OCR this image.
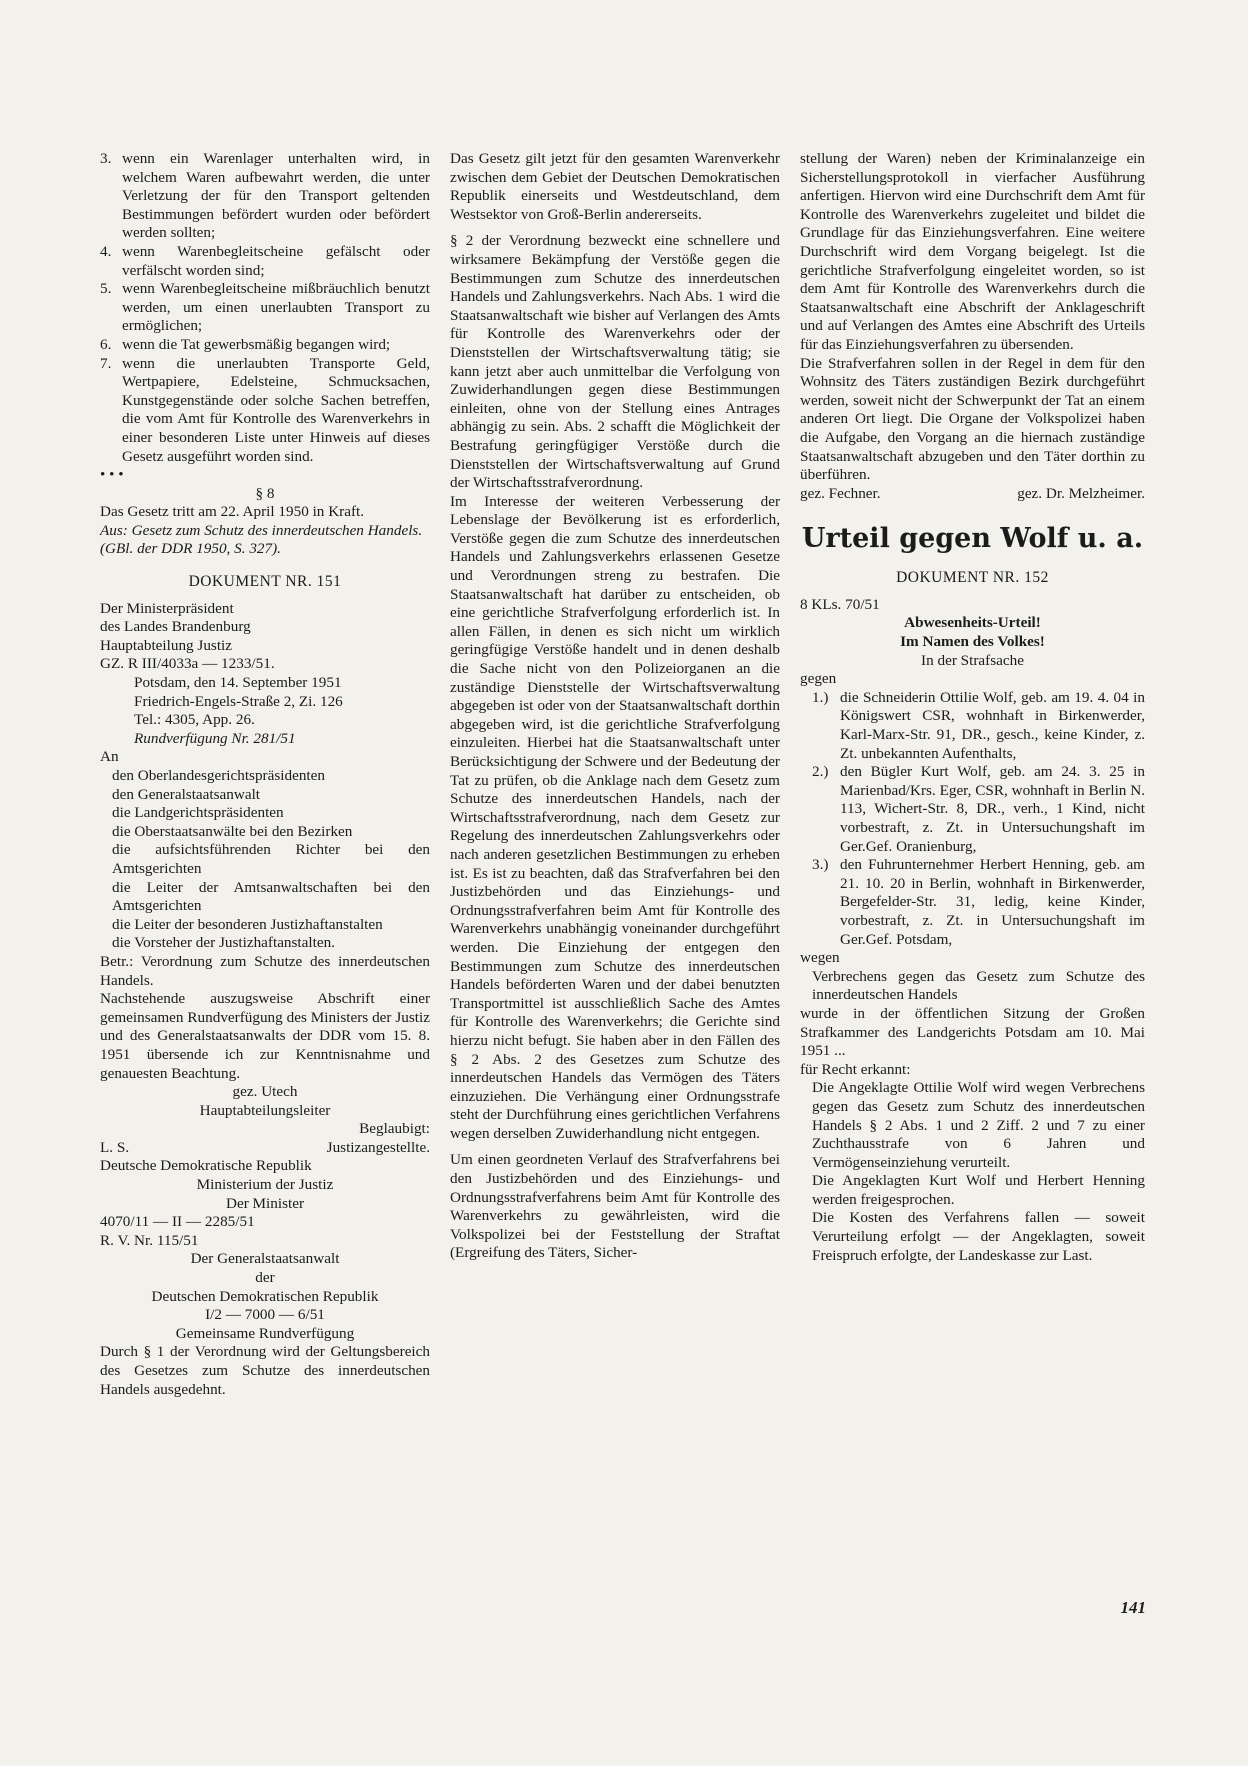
3. wenn ein Warenlager unterhalten wird, in welchem Waren aufbewahrt werden, die unter Verletzung der für den Transport geltenden Bestimmungen befördert wurden oder befördert werden sollten;
4. wenn Warenbegleitscheine gefälscht oder verfälscht worden sind;
5. wenn Warenbegleitscheine mißbräuchlich benutzt werden, um einen unerlaubten Transport zu ermöglichen;
6. wenn die Tat gewerbsmäßig begangen wird;
7. wenn die unerlaubten Transporte Geld, Wertpapiere, Edelsteine, Schmucksachen, Kunstgegenstände oder solche Sachen betreffen, die vom Amt für Kontrolle des Warenverkehrs in einer besonderen Liste unter Hinweis auf dieses Gesetz ausgeführt worden sind.

• • •

§ 8

Das Gesetz tritt am 22. April 1950 in Kraft.

Aus: Gesetz zum Schutz des innerdeutschen Handels.

(GBl. der DDR 1950, S. 327).

DOKUMENT NR. 151

Der Ministerpräsident

des Landes Brandenburg

Hauptabteilung Justiz

GZ. R III/4033a — 1233/51.

Potsdam, den 14. September 1951

Friedrich-Engels-Straße 2, Zi. 126

Tel.: 4305, App. 26.

Rundverfügung Nr. 281/51

An

den Oberlandesgerichtspräsidenten

den Generalstaatsanwalt

die Landgerichtspräsidenten

die Oberstaatsanwälte bei den Bezirken

die aufsichtsführenden Richter bei den Amtsgerichten

die Leiter der Amtsanwaltschaften bei den Amtsgerichten

die Leiter der besonderen Justizhaftanstalten

die Vorsteher der Justizhaftanstalten.

Betr.: Verordnung zum Schutze des innerdeutschen Handels.

Nachstehende auszugsweise Abschrift einer gemeinsamen Rundverfügung des Ministers der Justiz und des Generalstaatsanwalts der DDR vom 15. 8. 1951 übersende ich zur Kenntnisnahme und genauesten Beachtung.

gez. Utech

Hauptabteilungsleiter

Beglaubigt:

L. S.	Justizangestellte.

Deutsche Demokratische Republik

Ministerium der Justiz

Der Minister

4070/11 — II — 2285/51

R. V. Nr. 115/51

Der Generalstaatsanwalt

der

Deutschen Demokratischen Republik

I/2 — 7000 — 6/51

Gemeinsame Rundverfügung

Durch § 1 der Verordnung wird der Geltungsbereich des Gesetzes zum Schutze des innerdeutschen Handels ausgedehnt.

Das Gesetz gilt jetzt für den gesamten Warenverkehr zwischen dem Gebiet der Deutschen Demokratischen Republik einerseits und Westdeutschland, dem Westsektor von Groß-Berlin andererseits.

§ 2 der Verordnung bezweckt eine schnellere und wirksamere Bekämpfung der Verstöße gegen die Bestimmungen zum Schutze des innerdeutschen Handels und Zahlungsverkehrs. Nach Abs. 1 wird die Staatsanwaltschaft wie bisher auf Verlangen des Amts für Kontrolle des Warenverkehrs oder der Dienststellen der Wirtschaftsverwaltung tätig; sie kann jetzt aber auch unmittelbar die Verfolgung von Zuwiderhandlungen gegen diese Bestimmungen einleiten, ohne von der Stellung eines Antrages abhängig zu sein. Abs. 2 schafft die Möglichkeit der Bestrafung geringfügiger Verstöße durch die Dienststellen der Wirtschaftsverwaltung auf Grund der Wirtschaftsstrafverordnung.

Im Interesse der weiteren Verbesserung der Lebenslage der Bevölkerung ist es erforderlich, Verstöße gegen die zum Schutze des innerdeutschen Handels und Zahlungsverkehrs erlassenen Gesetze und Verordnungen streng zu bestrafen. Die Staatsanwaltschaft hat darüber zu entscheiden, ob eine gerichtliche Strafverfolgung erforderlich ist. In allen Fällen, in denen es sich nicht um wirklich geringfügige Verstöße handelt und in denen deshalb die Sache nicht von den Polizeiorganen an die zuständige Dienststelle der Wirtschaftsverwaltung abgegeben ist oder von der Staatsanwaltschaft dorthin abgegeben wird, ist die gerichtliche Strafverfolgung einzuleiten. Hierbei hat die Staatsanwaltschaft unter Berücksichtigung der Schwere und der Bedeutung der Tat zu prüfen, ob die Anklage nach dem Gesetz zum Schutze des innerdeutschen Handels, nach der Wirtschaftsstrafverordnung, nach dem Gesetz zur Regelung des innerdeutschen Zahlungsverkehrs oder nach anderen gesetzlichen Bestimmungen zu erheben ist. Es ist zu beachten, daß das Strafverfahren bei den Justizbehörden und das Einziehungs- und Ordnungsstrafverfahren beim Amt für Kontrolle des Warenverkehrs unabhängig voneinander durchgeführt werden. Die Einziehung der entgegen den Bestimmungen zum Schutze des innerdeutschen Handels beförderten Waren und der dabei benutzten Transportmittel ist ausschließlich Sache des Amtes für Kontrolle des Warenverkehrs; die Gerichte sind hierzu nicht befugt. Sie haben aber in den Fällen des § 2 Abs. 2 des Gesetzes zum Schutze des innerdeutschen Handels das Vermögen des Täters einzuziehen. Die Verhängung einer Ordnungsstrafe steht der Durchführung eines gerichtlichen Verfahrens wegen derselben Zuwiderhandlung nicht entgegen.

Um einen geordneten Verlauf des Strafverfahrens bei den Justizbehörden und des Einziehungs- und Ordnungsstrafverfahrens beim Amt für Kontrolle des Warenverkehrs zu gewährleisten, wird die Volkspolizei bei der Feststellung der Straftat (Ergreifung des Täters, Sicher-

stellung der Waren) neben der Kriminalanzeige ein Sicherstellungsprotokoll in vierfacher Ausführung anfertigen. Hiervon wird eine Durchschrift dem Amt für Kontrolle des Warenverkehrs zugeleitet und bildet die Grundlage für das Einziehungsverfahren. Eine weitere Durchschrift wird dem Vorgang beigelegt. Ist die gerichtliche Strafverfolgung eingeleitet worden, so ist dem Amt für Kontrolle des Warenverkehrs durch die Staatsanwaltschaft eine Abschrift der Anklageschrift und auf Verlangen des Amtes eine Abschrift des Urteils für das Einziehungsverfahren zu übersenden.

Die Strafverfahren sollen in der Regel in dem für den Wohnsitz des Täters zuständigen Bezirk durchgeführt werden, soweit nicht der Schwerpunkt der Tat an einem anderen Ort liegt. Die Organe der Volkspolizei haben die Aufgabe, den Vorgang an die hiernach zuständige Staatsanwaltschaft abzugeben und den Täter dorthin zu überführen.

gez. Fechner.	gez. Dr. Melzheimer.
Urteil gegen Wolf u. a.

DOKUMENT NR. 152

8 KLs. 70/51

Abwesenheits-Urteil!

Im Namen des Volkes!

In der Strafsache

gegen

1.) die Schneiderin Ottilie Wolf, geb. am 19. 4. 04 in Königswert CSR, wohnhaft in Birkenwerder, Karl-Marx-Str. 91, DR., gesch., keine Kinder, z. Zt. unbekannten Aufenthalts,
2.) den Bügler Kurt Wolf, geb. am 24. 3. 25 in Marienbad/Krs. Eger, CSR, wohnhaft in Berlin N. 113, Wichert-Str. 8, DR., verh., 1 Kind, nicht vorbestraft, z. Zt. in Untersuchungshaft im Ger.Gef. Oranienburg,
3.) den Fuhrunternehmer Herbert Henning, geb. am 21. 10. 20 in Berlin, wohnhaft in Birkenwerder, Bergefelder-Str. 31, ledig, keine Kinder, vorbestraft, z. Zt. in Untersuchungshaft im Ger.Gef. Potsdam,

wegen

Verbrechens gegen das Gesetz zum Schutze des innerdeutschen Handels

wurde in der öffentlichen Sitzung der Großen Strafkammer des Landgerichts Potsdam am 10. Mai 1951 ...

für Recht erkannt:

Die Angeklagte Ottilie Wolf wird wegen Verbrechens gegen das Gesetz zum Schutz des innerdeutschen Handels § 2 Abs. 1 und 2 Ziff. 2 und 7 zu einer Zuchthausstrafe von 6 Jahren und Vermögenseinziehung verurteilt.

Die Angeklagten Kurt Wolf und Herbert Henning werden freigesprochen.

Die Kosten des Verfahrens fallen — soweit Verurteilung erfolgt — der Angeklagten, soweit Freispruch erfolgte, der Landeskasse zur Last.

141
